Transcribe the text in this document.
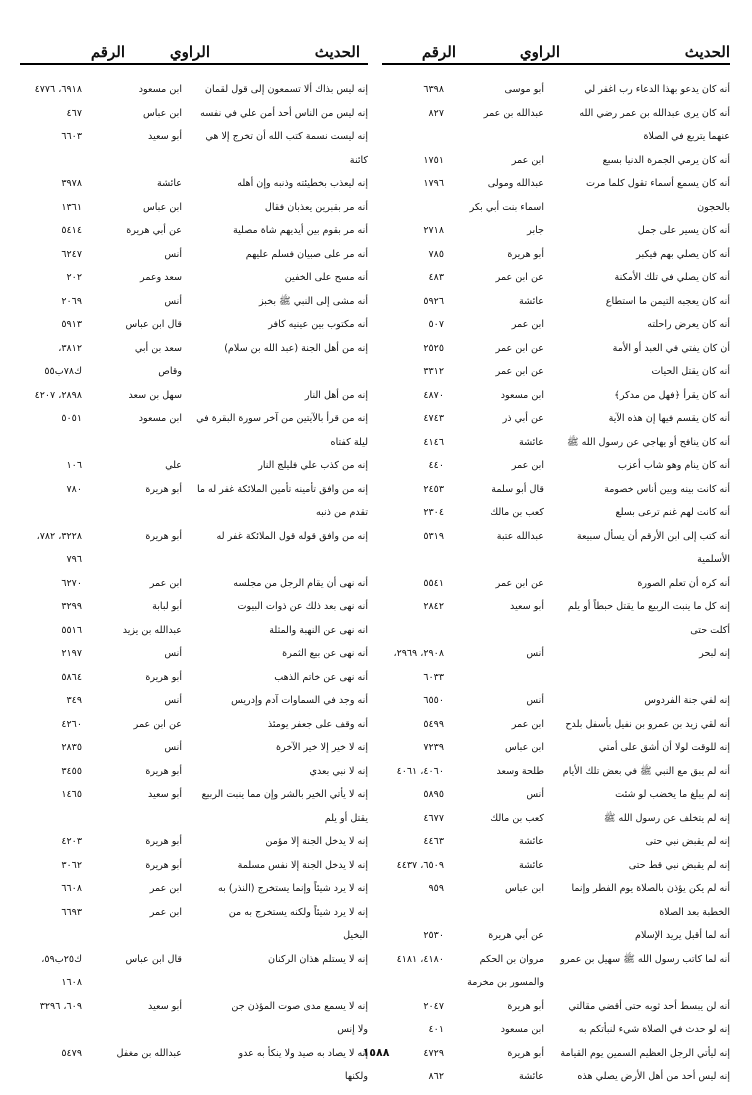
الحديث
الراوي
الرقم
الحديث
الراوي
الرقم
أنه كان يدعو بهذا الدعاء رب اغفر لي
أبو موسى
٦٣٩٨
أنه كان يرى عبدالله بن عمر رضي الله
عبدالله بن عمر
٨٢٧
عنهما يتربع في الصلاة
أنه كان يرمي الجمرة الدنيا بسبع
ابن عمر
١٧٥١
أنه كان يسمع أسماء تقول كلما مرت
عبدالله ومولى
١٧٩٦
بالحجون
اسماء بنت أبي بكر
أنه كان يسير على جمل
جابر
٢٧١٨
أنه كان يصلي بهم فيكبر
أبو هريرة
٧٨٥
أنه كان يصلي في تلك الأمكنة
عن ابن عمر
٤٨٣
أنه كان يعجبه التيمن ما استطاع
عائشة
٥٩٢٦
أنه كان يعرض راحلته
ابن عمر
٥٠٧
أن كان يفتي في العبد أو الأمة
عن ابن عمر
٢٥٢٥
أنه كان يقتل الحيات
عن ابن عمر
٣٣١٢
أنه كان يقرأ ﴿فهل من مدكر﴾
ابن مسعود
٤٨٧٠
أنه كان يقسم فيها إن هذه الآية
عن أبي ذر
٤٧٤٣
أنه كان ينافح أو يهاجي عن رسول الله ﷺ
عائشة
٤١٤٦
أنه كان ينام وهو شاب أعزب
ابن عمر
٤٤٠
أنه كانت بينه وبين أناس خصومة
قال أبو سلمة
٢٤٥٣
أنه كانت لهم غنم ترعى بسلع
كعب بن مالك
٢٣٠٤
أنه كتب إلى ابن الأرقم أن يسأل سبيعة
عبدالله عتبة
٥٣١٩
الأسلمية
أنه كره أن تعلم الصورة
عن ابن عمر
٥٥٤١
إنه كل ما ينبت الربيع ما يقتل حبطاً أو يلم
أبو سعيد
٢٨٤٢
أكلت حتى
إنه لبحر
أنس
٢٩٠٨، ٢٩٦٩،
٦٠٣٣
إنه لفي جنة الفردوس
أنس
٦٥٥٠
أنه لقي زيد بن عمرو بن نفيل بأسفل بلدح
ابن عمر
٥٤٩٩
إنه للوقت لولا أن أشق على أمتي
ابن عباس
٧٢٣٩
أنه لم يبق مع النبي ﷺ في بعض تلك الأيام
طلحة وسعد
٤٠٦٠، ٤٠٦١
إنه لم يبلغ ما يخضب لو شئت
أنس
٥٨٩٥
إنه لم يتخلف عن رسول الله ﷺ
كعب بن مالك
٤٦٧٧
إنه لم يقبض نبي حتى
عائشة
٤٤٦٣
إنه لم يقبض نبي قط حتى
عائشة
٦٥٠٩، ٤٤٣٧
أنه لم يكن يؤذن بالصلاة يوم الفطر وإنما
ابن عباس
٩٥٩
الخطبة بعد الصلاة
أنه لما أقبل يريد الإسلام
عن أبي هريرة
٢٥٣٠
أنه لما كاتب رسول الله ﷺ سهيل بن عمرو
مروان بن الحكم
٤١٨٠، ٤١٨١
والمسور بن مخرمة
أنه لن يبسط أحد ثوبه حتى أقضي مقالتي
أبو هريرة
٢٠٤٧
إنه لو حدث في الصلاة شيء لنبأتكم به
ابن مسعود
٤٠١
إنه ليأتي الرجل العظيم السمين يوم القيامة
أبو هريرة
٤٧٢٩
إنه ليس أحد من أهل الأرض يصلي هذه
عائشة
٨٦٢
إنه ليس بذاك ألا تسمعون إلى قول لقمان
ابن مسعود
٦٩١٨، ٤٧٧٦
إنه ليس من الناس أحد أمن علي في نفسه
ابن عباس
٤٦٧
إنه ليست نسمة كتب الله أن تخرج إلا هي
أبو سعيد
٦٦٠٣
كائنة
إنه ليعذب بخطيئته وذنبه وإن أهله
عائشة
٣٩٧٨
أنه مر بقبرين يعذبان فقال
ابن عباس
١٣٦١
أنه مر بقوم بين أيديهم شاة مصلية
عن أبي هريرة
٥٤١٤
أنه مر على صبيان فسلم عليهم
أنس
٦٢٤٧
أنه مسح على الخفين
سعد وعمر
٢٠٢
أنه مشى إلى النبي ﷺ بخبز
أنس
٢٠٦٩
أنه مكتوب بين عينيه كافر
قال ابن عباس
٥٩١٣
إنه من أهل الجنة (عبد الله بن سلام)
سعد بن أبي
٣٨١٢،
وقاص
ك٧٨ب٥٥
إنه من أهل النار
سهل بن سعد
٢٨٩٨، ٤٢٠٧
إنه من قرأ بالآيتين من آخر سورة البقرة في
ابن مسعود
٥٠٥١
ليلة كفتاه
إنه من كذب علي فليلج النار
علي
١٠٦
إنه من وافق تأمينه تأمين الملائكة غفر له ما
أبو هريرة
٧٨٠
تقدم من ذنبه
إنه من وافق قوله قول الملائكة غفر له
أبو هريرة
٣٢٢٨، ٧٨٢،
٧٩٦
أنه نهى أن يقام الرجل من مجلسه
ابن عمر
٦٢٧٠
أنه نهى بعد ذلك عن ذوات البيوت
أبو لبابة
٣٢٩٩
انه نهى عن النهبة والمثلة
عبدالله بن يزيد
٥٥١٦
أنه نهى عن بيع الثمرة
أنس
٢١٩٧
أنه نهى عن خاتم الذهب
أبو هريرة
٥٨٦٤
أنه وجد في السماوات آدم وإدريس
أنس
٣٤٩
أنه وقف على جعفر يومئذ
عن ابن عمر
٤٢٦٠
إنه لا خير إلا خير الآخرة
أنس
٢٨٣٥
إنه لا نبي بعدي
أبو هريرة
٣٤٥٥
إنه لا يأتي الخير بالشر وإن مما ينبت الربيع
أبو سعيد
١٤٦٥
يقتل أو يلم
إنه لا يدخل الجنة إلا مؤمن
أبو هريرة
٤٢٠٣
إنه لا يدخل الجنة إلا نفس مسلمة
أبو هريرة
٣٠٦٢
إنه لا يرد شيئاً وإنما يستخرج (النذر) به
ابن عمر
٦٦٠٨
إنه لا يرد شيئاً ولكنه يستخرج به من
ابن عمر
٦٦٩٣
البخيل
إنه لا يستلم هذان الركنان
قال ابن عباس
ك٢٥ب٥٩،
١٦٠٨
إنه لا يسمع مدى صوت المؤذن جن
أبو سعيد
٦٠٩، ٣٢٩٦
ولا إنس
إنه لا يصاد به صيد ولا ينكأ به عدو
عبدالله بن مغفل
٥٤٧٩
ولكنها
١٥٨٨
